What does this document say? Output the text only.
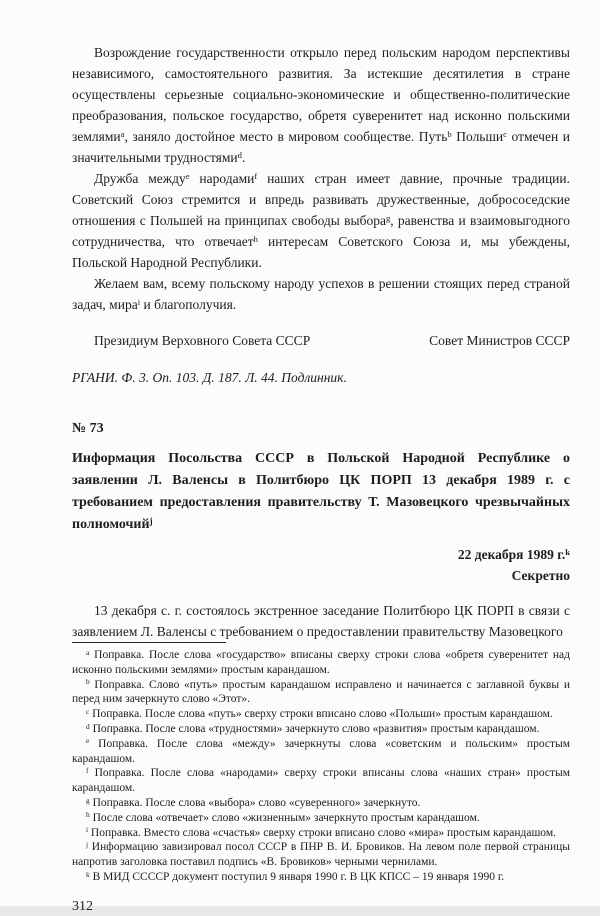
Возрождение государственности открыло перед польским народом перспективы независимого, самостоятельного развития. За истекшие десятилетия в стране осуществлены серьезные социально-экономические и общественно-политические преобразования, польское государство, обретя суверенитет над исконно польскими землями$^a$, заняло достойное место в мировом сообществе. Путь$^b$ Польши$^c$ отмечен и значительными трудностями$^d$.

Дружба между$^e$ народами$^f$ наших стран имеет давние, прочные традиции. Советский Союз стремится и впредь развивать дружественные, добрососедские отношения с Польшей на принципах свободы выбора$^g$, равенства и взаимовыгодного сотрудничества, что отвечает$^h$ интересам Советского Союза и, мы убеждены, Польской Народной Республики.

Желаем вам, всему польскому народу успехов в решении стоящих перед страной задач, мира$^i$ и благополучия.

Президиум Верховного Совета СССР	Совет Министров СССР

РГАНИ. Ф. 3. Оп. 103. Д. 187. Л. 44. Подлинник.

№ 73

Информация Посольства СССР в Польской Народной Республике о заявлении Л. Валенсы в Политбюро ЦК ПОРП 13 декабря 1989 г. с требованием предоставления правительству Т. Мазовецкого чрезвычайных полномочий$^j$

22 декабря 1989 г.$^k$

Секретно

13 декабря с. г. состоялось экстренное заседание Политбюро ЦК ПОРП в связи с заявлением Л. Валенсы с требованием о предоставлении правительству Мазовецкого

$^a$ Поправка. После слова «государство» вписаны сверху строки слова «обретя суверенитет над исконно польскими землями» простым карандашом.

$^b$ Поправка. Слово «путь» простым карандашом исправлено и начинается с заглавной буквы и перед ним зачеркнуто слово «Этот».

$^c$ Поправка. После слова «путь» сверху строки вписано слово «Польши» простым карандашом.

$^d$ Поправка. После слова «трудностями» зачеркнуто слово «развития» простым карандашом.

$^e$ Поправка. После слова «между» зачеркнуты слова «советским и польским» простым карандашом.

$^f$ Поправка. После слова «народами» сверху строки вписаны слова «наших стран» простым карандашом.

$^g$ Поправка. После слова «выбора» слово «суверенного» зачеркнуто.

$^h$ После слова «отвечает» слово «жизненным» зачеркнуто простым карандашом.

$^i$ Поправка. Вместо слова «счастья» сверху строки вписано слово «мира» простым карандашом.

$^j$ Информацию завизировал посол СССР в ПНР В. И. Бровиков. На левом поле первой страницы напротив заголовка поставил подпись «В. Бровиков» черными чернилами.

$^k$ В МИД ССССР документ поступил 9 января 1990 г. В ЦК КПСС – 19 января 1990 г.

312
